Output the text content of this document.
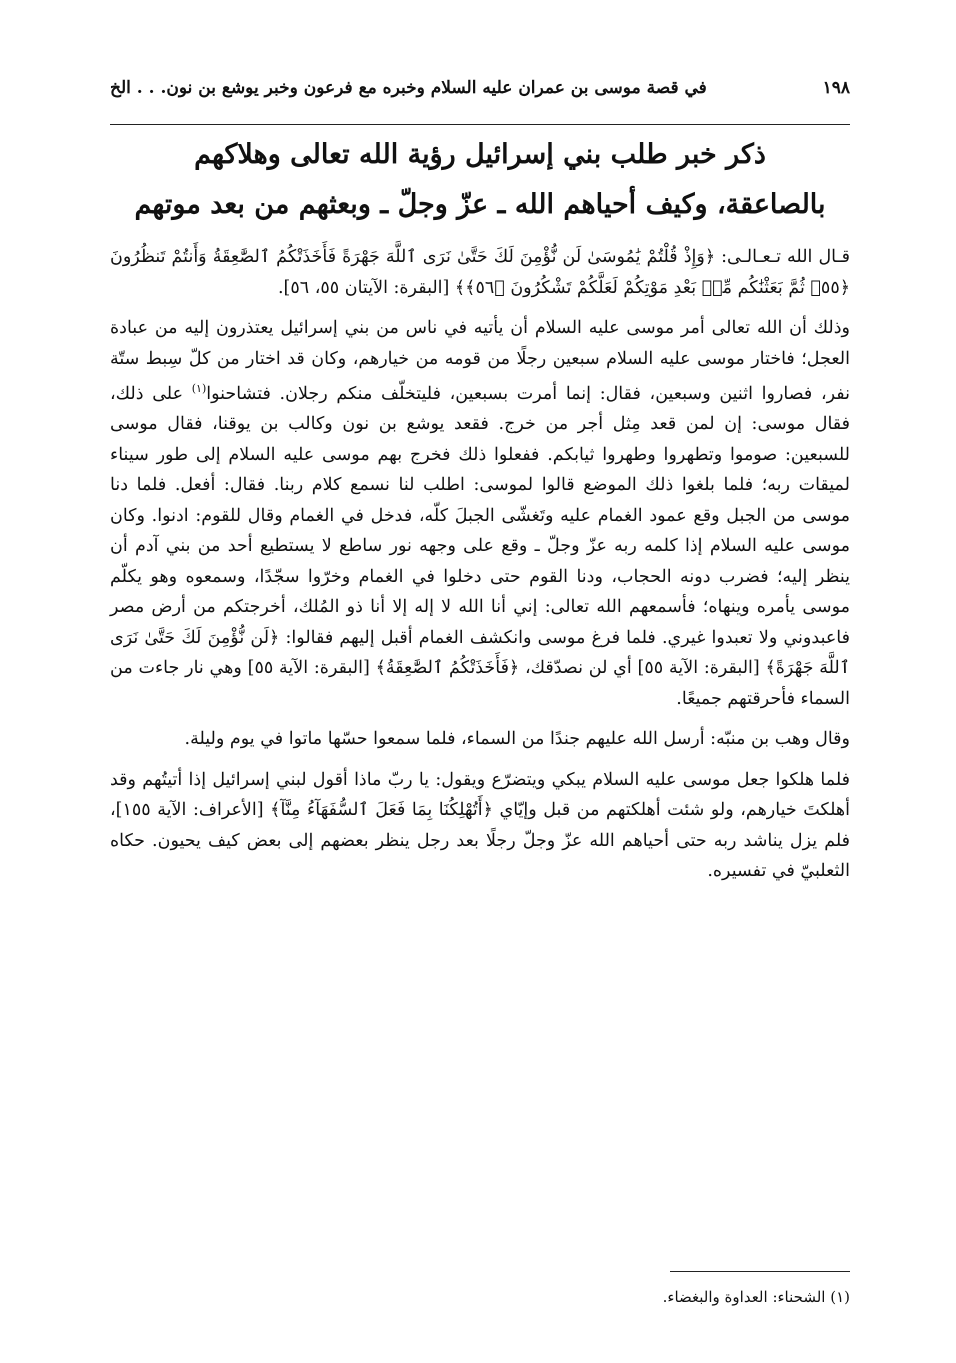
١٩٨
في قصة موسى بن عمران عليه السلام وخبره مع فرعون وخبر يوشع بن نون. . . الخ
ذكر خبر طلب بني إسرائيل رؤية الله تعالى وهلاكهم
بالصاعقة، وكيف أحياهم الله ـ عزّ وجلّ ـ وبعثهم من بعد موتهم

قـال الله تـعـالـى: ﴿وَإِذْ قُلْتُمْ يَٰمُوسَىٰ لَن نُّؤْمِنَ لَكَ حَتَّىٰ نَرَى ٱللَّهَ جَهْرَةً فَأَخَذَتْكُمُ ٱلصَّٰعِقَةُ وَأَنتُمْ تَنظُرُونَ ﴿٥٥﴾ ثُمَّ بَعَثْنَٰكُم مِّنۢ بَعْدِ مَوْتِكُمْ لَعَلَّكُمْ تَشْكُرُونَ ﴿٥٦﴾﴾ [البقرة: الآيتان ٥٥، ٥٦].

وذلك أن الله تعالى أمر موسى عليه السلام أن يأتيه في ناس من بني إسرائيل يعتذرون إليه من عبادة العجل؛ فاختار موسى عليه السلام سبعين رجلًا من قومه من خيارهم، وكان قد اختار من كلّ سِبط ستّة نفر، فصاروا اثنين وسبعين، فقال: إنما أمرت بسبعين، فليتخلّف منكم رجلان. فتشاحنوا$^{(١)}$ على ذلك، فقال موسى: إن لمن قعد مِثل أجر من خرج. فقعد يوشع بن نون وكالب بن يوقنا، فقال موسى للسبعين: صوموا وتطهروا وطهروا ثيابكم. ففعلوا ذلك فخرج بهم موسى عليه السلام إلى طور سيناء لميقات ربه؛ فلما بلغوا ذلك الموضع قالوا لموسى: اطلب لنا نسمع كلام ربنا. فقال: أفعل. فلما دنا موسى من الجبل وقع عمود الغمام عليه وتَغشّى الجبلَ كلّه، فدخل في الغمام وقال للقوم: ادنوا. وكان موسى عليه السلام إذا كلمه ربه عزّ وجلّ ـ وقع على وجهه نور ساطع لا يستطيع أحد من بني آدم أن ينظر إليه؛ فضرب دونه الحجاب، ودنا القوم حتى دخلوا في الغمام وخرّوا سجّدًا، وسمعوه وهو يكلّم موسى يأمره وينهاه؛ فأسمعهم الله تعالى: إني أنا الله لا إله إلا أنا ذو المُلك، أخرجتكم من أرض مصر فاعبدوني ولا تعبدوا غيري. فلما فرغ موسى وانكشف الغمام أقبل إليهم فقالوا: ﴿لَن نُّؤْمِنَ لَكَ حَتَّىٰ نَرَى ٱللَّهَ جَهْرَةً﴾ [البقرة: الآية ٥٥] أي لن نصدّقك، ﴿فَأَخَذَتْكُمُ ٱلصَّٰعِقَةُ﴾ [البقرة: الآية ٥٥] وهي نار جاءت من السماء فأحرقتهم جميعًا.

وقال وهب بن منبّه: أرسل الله عليهم جندًا من السماء، فلما سمعوا حسّها ماتوا في يوم وليلة.

فلما هلكوا جعل موسى عليه السلام يبكي ويتضرّع ويقول: يا ربّ ماذا أقول لبني إسرائيل إذا أتيتُهم وقد أهلكتَ خيارهم، ولو شئت أهلكتهم من قبل وإيّاي ﴿أَتُهْلِكُنَا بِمَا فَعَلَ ٱلسُّفَهَآءُ مِنَّآ﴾ [الأعراف: الآية ١٥٥]، فلم يزل يناشد ربه حتى أحياهم الله عزّ وجلّ رجلًا بعد رجل ينظر بعضهم إلى بعض كيف يحيون. حكاه الثعلبيّ في تفسيره.

(١) الشحناء: العداوة والبغضاء.
